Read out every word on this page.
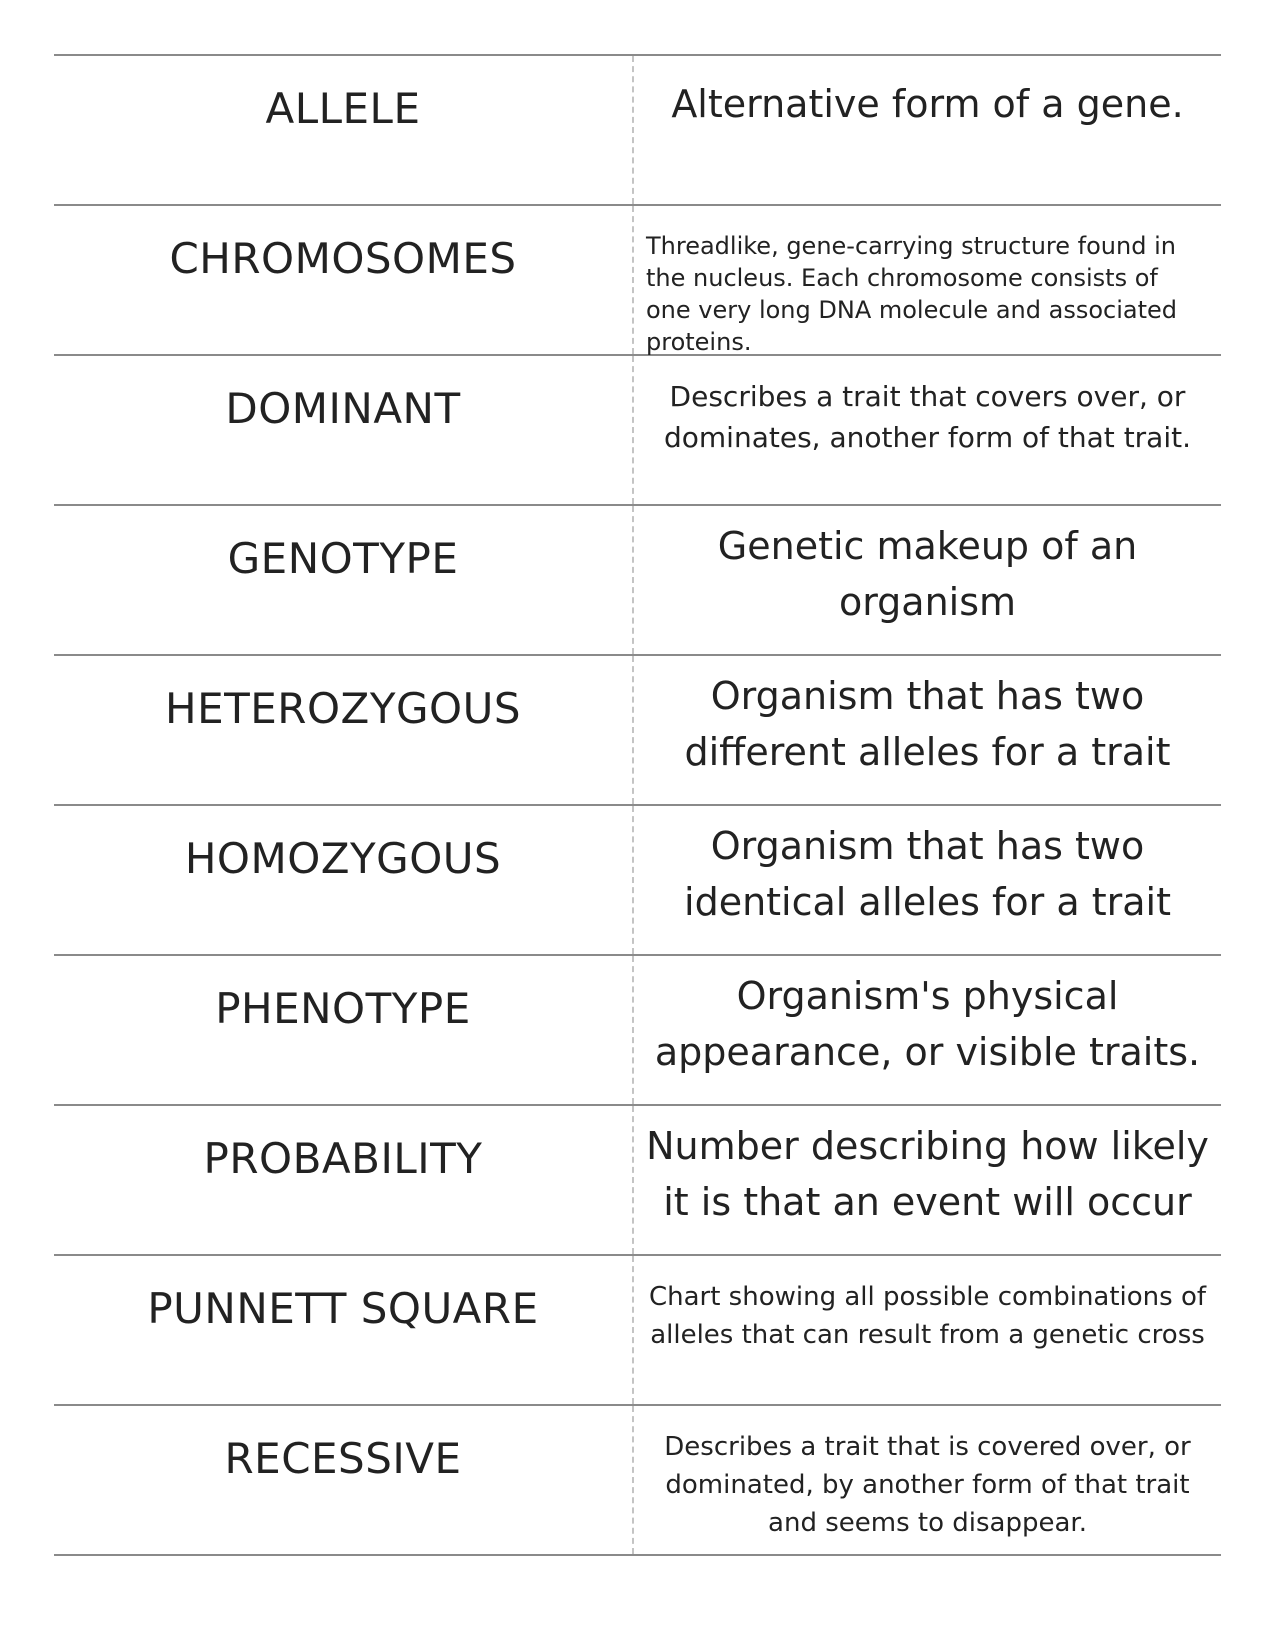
ALLELE	Alternative form of a gene.
CHROMOSOMES	Threadlike, gene-carrying structure found in the nucleus. Each chromosome consists of one very long DNA molecule and associated proteins.
DOMINANT	Describes a trait that covers over, or dominates, another form of that trait.
GENOTYPE	Genetic makeup of an organism
HETEROZYGOUS	Organism that has two different alleles for a trait
HOMOZYGOUS	Organism that has two identical alleles for a trait
PHENOTYPE	Organism's physical appearance, or visible traits.
PROBABILITY	Number describing how likely it is that an event will occur
PUNNETT SQUARE	Chart showing all possible combinations of alleles that can result from a genetic cross
RECESSIVE	Describes a trait that is covered over, or dominated, by another form of that trait and seems to disappear.
